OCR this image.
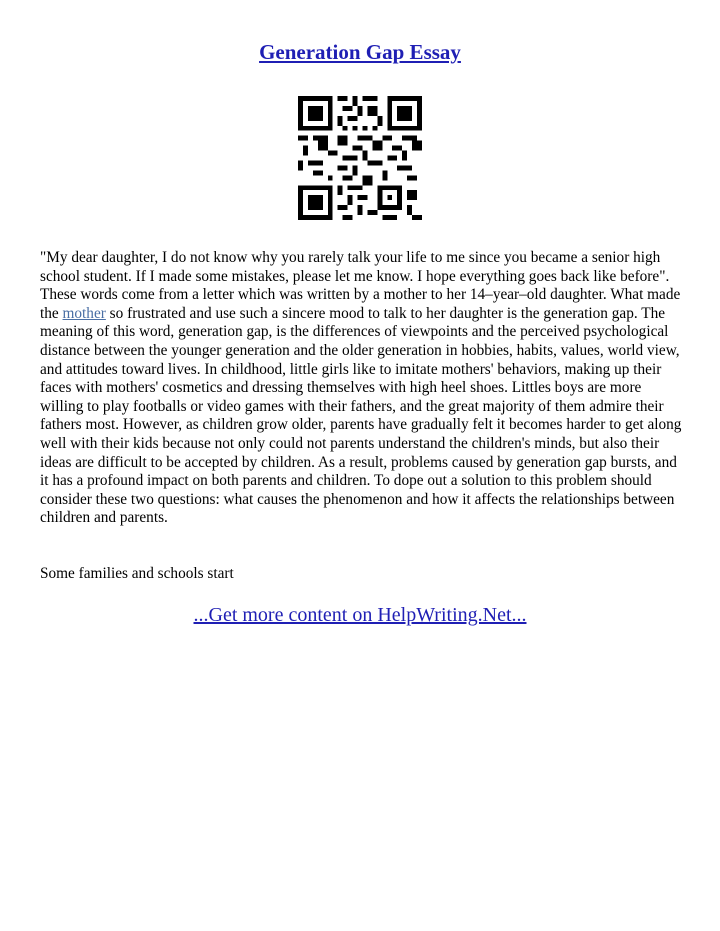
Generation Gap Essay

"My dear daughter, I do not know why you rarely talk your life to me since you became a senior high school student. If I made some mistakes, please let me know. I hope everything goes back like before". These words come from a letter which was written by a mother to her 14–year–old daughter. What made the mother so frustrated and use such a sincere mood to talk to her daughter is the generation gap. The meaning of this word, generation gap, is the differences of viewpoints and the perceived psychological distance between the younger generation and the older generation in hobbies, habits, values, world view, and attitudes toward lives. In childhood, little girls like to imitate mothers' behaviors, making up their faces with mothers' cosmetics and dressing themselves with high heel shoes. Littles boys are more willing to play footballs or video games with their fathers, and the great majority of them admire their fathers most. However, as children grow older, parents have gradually felt it becomes harder to get along well with their kids because not only could not parents understand the children's minds, but also their ideas are difficult to be accepted by children. As a result, problems caused by generation gap bursts, and it has a profound impact on both parents and children. To dope out a solution to this problem should consider these two questions: what causes the phenomenon and how it affects the relationships between children and parents.

Some families and schools start

...Get more content on HelpWriting.Net...
